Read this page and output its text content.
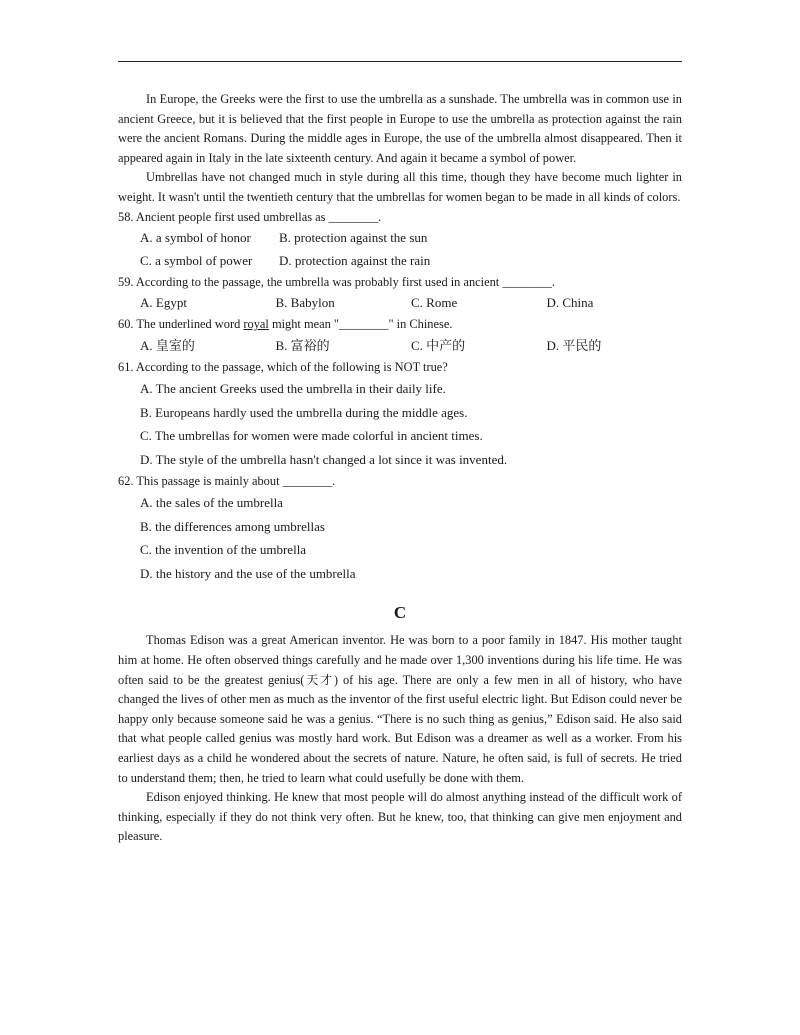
In Europe, the Greeks were the first to use the umbrella as a sunshade. The umbrella was in common use in ancient Greece, but it is believed that the first people in Europe to use the umbrella as protection against the rain were the ancient Romans. During the middle ages in Europe, the use of the umbrella almost disappeared. Then it appeared again in Italy in the late sixteenth century. And again it became a symbol of power.

Umbrellas have not changed much in style during all this time, though they have become much lighter in weight. It wasn't until the twentieth century that the umbrellas for women began to be made in all kinds of colors.

58. Ancient people first used umbrellas as ________.
A. a symbol of honor	B. protection against the sun
C. a symbol of power	D. protection against the rain
59. According to the passage, the umbrella was probably first used in ancient ________.
A. Egypt	B. Babylon	C. Rome	D. China
60. The underlined word royal might mean "________" in Chinese.
A. 皇室的	B. 富裕的	C. 中产的	D. 平民的
61. According to the passage, which of the following is NOT true?
A. The ancient Greeks used the umbrella in their daily life.
B. Europeans hardly used the umbrella during the middle ages.
C. The umbrellas for women were made colorful in ancient times.
D. The style of the umbrella hasn't changed a lot since it was invented.
62. This passage is mainly about ________.
A. the sales of the umbrella
B. the differences among umbrellas
C. the invention of the umbrella
D. the history and the use of the umbrella
C

Thomas Edison was a great American inventor. He was born to a poor family in 1847. His mother taught him at home. He often observed things carefully and he made over 1,300 inventions during his life time. He was often said to be the greatest genius(天才) of his age. There are only a few men in all of history, who have changed the lives of other men as much as the inventor of the first useful electric light. But Edison could never be happy only because someone said he was a genius. “There is no such thing as genius,” Edison said. He also said that what people called genius was mostly hard work. But Edison was a dreamer as well as a worker. From his earliest days as a child he wondered about the secrets of nature. Nature, he often said, is full of secrets. He tried to understand them; then, he tried to learn what could usefully be done with them.

Edison enjoyed thinking. He knew that most people will do almost anything instead of the difficult work of thinking, especially if they do not think very often. But he knew, too, that thinking can give men enjoyment and pleasure.
